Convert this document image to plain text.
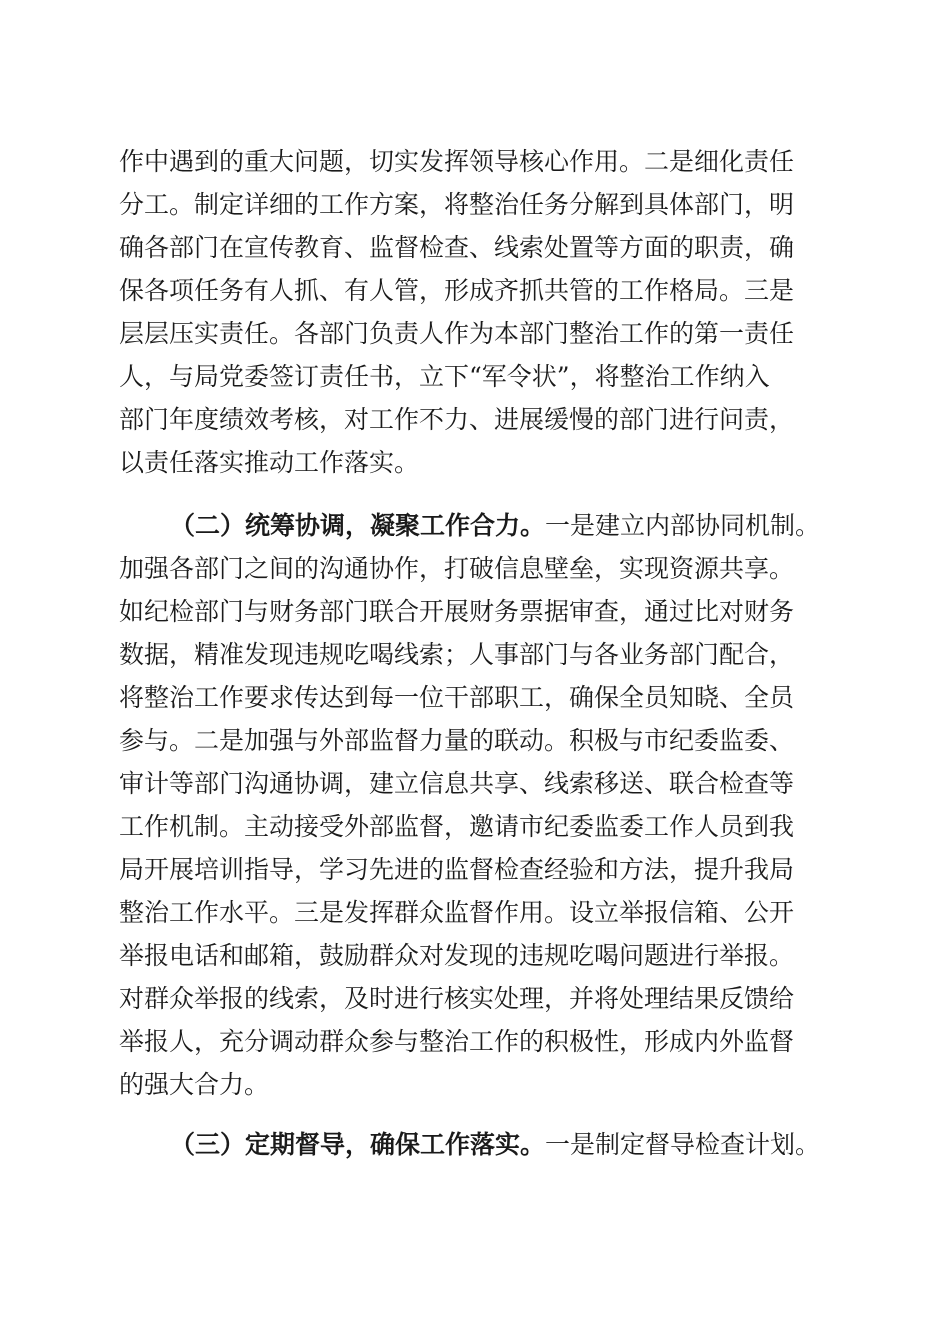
作中遇到的重大问题，切实发挥领导核心作用。二是细化责任
分工。制定详细的工作方案，将整治任务分解到具体部门，明
确各部门在宣传教育、监督检查、线索处置等方面的职责，确
保各项任务有人抓、有人管，形成齐抓共管的工作格局。三是
层层压实责任。各部门负责人作为本部门整治工作的第一责任
人，与局党委签订责任书，立下“军令状”，将整治工作纳入
部门年度绩效考核，对工作不力、进展缓慢的部门进行问责，
以责任落实推动工作落实。
（二）统筹协调，凝聚工作合力。一是建立内部协同机制。
加强各部门之间的沟通协作，打破信息壁垒，实现资源共享。
如纪检部门与财务部门联合开展财务票据审查，通过比对财务
数据，精准发现违规吃喝线索；人事部门与各业务部门配合，
将整治工作要求传达到每一位干部职工，确保全员知晓、全员
参与。二是加强与外部监督力量的联动。积极与市纪委监委、
审计等部门沟通协调，建立信息共享、线索移送、联合检查等
工作机制。主动接受外部监督，邀请市纪委监委工作人员到我
局开展培训指导，学习先进的监督检查经验和方法，提升我局
整治工作水平。三是发挥群众监督作用。设立举报信箱、公开
举报电话和邮箱，鼓励群众对发现的违规吃喝问题进行举报。
对群众举报的线索，及时进行核实处理，并将处理结果反馈给
举报人，充分调动群众参与整治工作的积极性，形成内外监督
的强大合力。
（三）定期督导，确保工作落实。一是制定督导检查计划。
